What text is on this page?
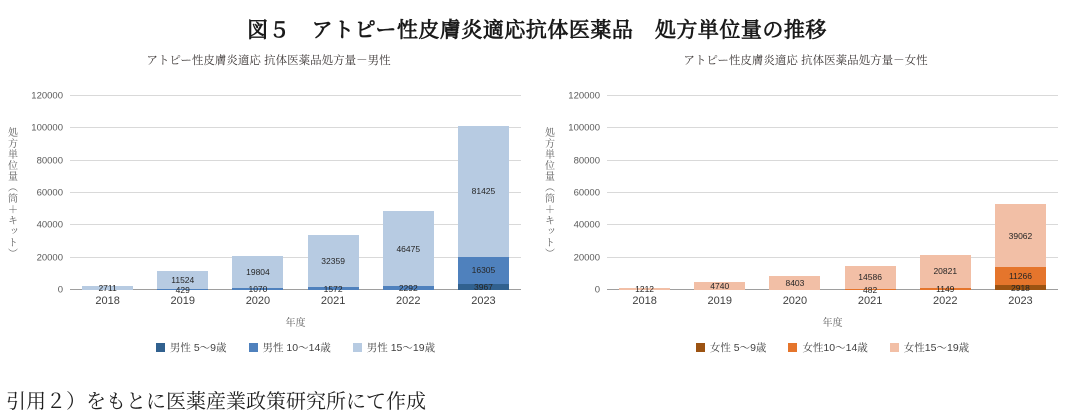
図５　アトピー性皮膚炎適応抗体医薬品　処方単位量の推移
アトピー性皮膚炎適応 抗体医薬品処方量－男性
処方単位量（筒＋キット）
0
20000
40000
60000
80000
100000
120000
2711
11524
429
19804
1070
32359
1572
46475
2292
81425
16305
3967
2018	2019	2020	2021	2022	2023
年度
男性 5〜9歳	男性 10〜14歳	男性 15〜19歳
アトピー性皮膚炎適応 抗体医薬品処方量－女性
処方単位量（筒＋キット）
0
20000
40000
60000
80000
100000
120000
1212	4740	8403
14586
482
20821
1149
39062
11266
2918
2018	2019	2020	2021	2022	2023
年度
女性 5〜9歳	女性10〜14歳	女性15〜19歳
引用２）をもとに医薬産業政策研究所にて作成
